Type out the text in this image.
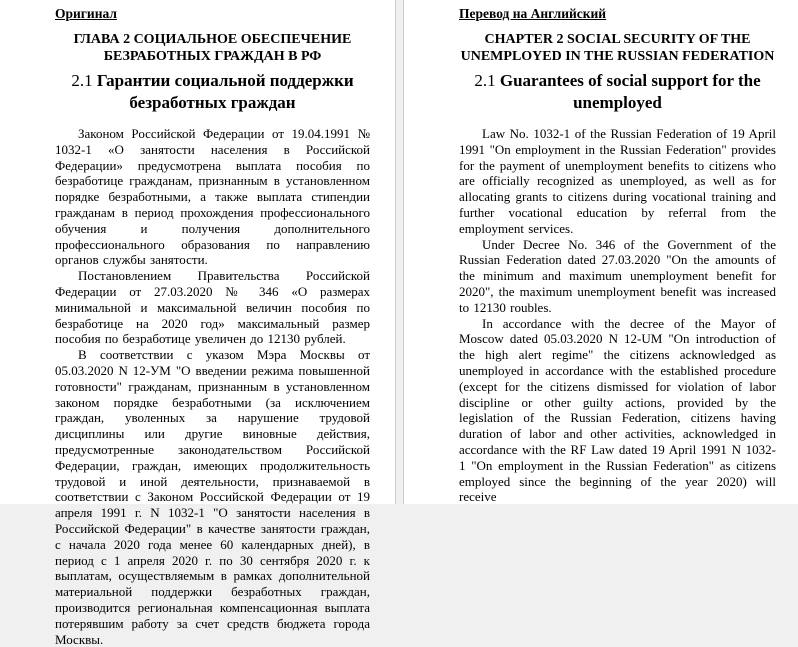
Оригинал
ГЛАВА 2 СОЦИАЛЬНОЕ ОБЕСПЕЧЕНИЕ БЕЗРАБОТНЫХ ГРАЖДАН В РФ
2.1 Гарантии социальной поддержки безработных граждан

Законом Российской Федерации от 19.04.1991 № 1032-1 «О занятости населения в Российской Федерации» предусмотрена выплата пособия по безработице гражданам, признанным в установленном порядке безработными, а также выплата стипендии гражданам в период прохождения профессионального обучения и получения дополнительного профессионального образования по направлению органов службы занятости.

Постановлением Правительства Российской Федерации от 27.03.2020 № 346 «О размерах минимальной и максимальной величин пособия по безработице на 2020 год» максимальный размер пособия по безработице увеличен до 12130 рублей.

В соответствии с указом Мэра Москвы от 05.03.2020 N 12-УМ "О введении режима повышенной готовности" гражданам, признанным в установленном законом порядке безработными (за исключением граждан, уволенных за нарушение трудовой дисциплины или другие виновные действия, предусмотренные законодательством Российской Федерации, граждан, имеющих продолжительность трудовой и иной деятельности, признаваемой в соответствии с Законом Российской Федерации от 19 апреля 1991 г. N 1032-1 "О занятости населения в Российской Федерации" в качестве занятости граждан, с начала 2020 года менее 60 календарных дней), в период с 1 апреля 2020 г. по 30 сентября 2020 г. к выплатам, осуществляемым в рамках дополнительной материальной поддержки безработных граждан, производится региональная компенсационная выплата потерявшим работу за счет средств бюджета города Москвы.

Перевод на Английский
CHAPTER 2 SOCIAL SECURITY OF THE UNEMPLOYED IN THE RUSSIAN FEDERATION
2.1 Guarantees of social support for the unemployed

Law No. 1032-1 of the Russian Federation of 19 April 1991 "On employment in the Russian Federation" provides for the payment of unemployment benefits to citizens who are officially recognized as unemployed, as well as for allocating grants to citizens during vocational training and further vocational education by referral from the employment services.

Under Decree No. 346 of the Government of the Russian Federation dated 27.03.2020 "On the amounts of the minimum and maximum unemployment benefit for 2020", the maximum unemployment benefit was increased to 12130 roubles.

In accordance with the decree of the Mayor of Moscow dated 05.03.2020 N 12-UM "On introduction of the high alert regime" the citizens acknowledged as unemployed in accordance with the established procedure (except for the citizens dismissed for violation of labor discipline or other guilty actions, provided by the legislation of the Russian Federation, citizens having duration of labor and other activities, acknowledged in accordance with the RF Law dated 19 April 1991 N 1032-1 "On employment in the Russian Federation" as citizens employed since the beginning of the year 2020) will receive
